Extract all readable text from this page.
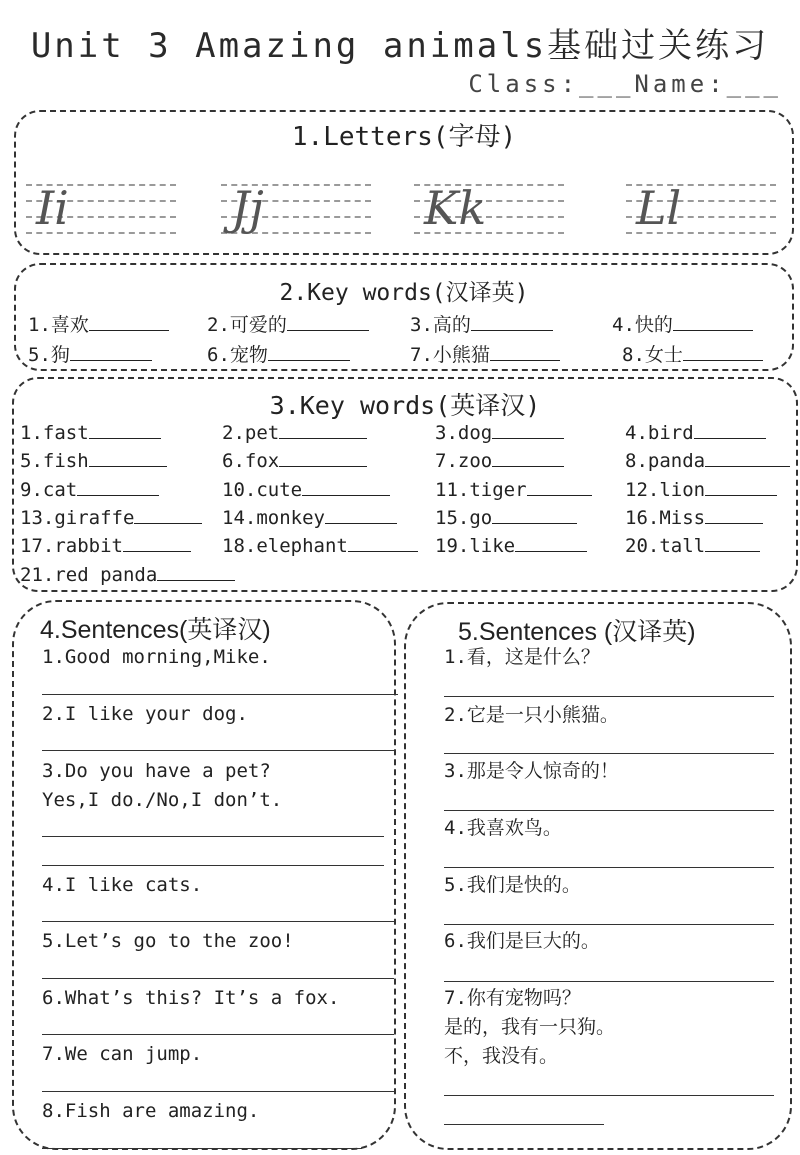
Unit 3 Amazing animals基础过关练习
Class:___Name:___
1.Letters(字母)
Ii	Jj	Kk	Ll
2.Key words(汉译英)
1.喜欢	2.可爱的	3.高的	4.快的
5.狗	6.宠物	7.小熊猫	8.女士
3.Key words(英译汉)
1.fast	2.pet	3.dog	4.bird
5.fish	6.fox	7.zoo	8.panda
9.cat	10.cute	11.tiger	12.lion
13.giraffe	14.monkey	15.go	16.Miss
17.rabbit	18.elephant	19.like	20.tall
21.red panda
4.Sentences(英译汉)
1.Good morning,Mike.
2.I like your dog.
3.Do you have a pet?
Yes,I do./No,I don’t.
4.I like cats.
5.Let’s go to the zoo!
6.What’s this? It’s a fox.
7.We can jump.
8.Fish are amazing.
5.Sentences (汉译英)
1.看，这是什么？
2.它是一只小熊猫。
3.那是令人惊奇的！
4.我喜欢鸟。
5.我们是快的。
6.我们是巨大的。
7.你有宠物吗？
是的，我有一只狗。
不，我没有。
